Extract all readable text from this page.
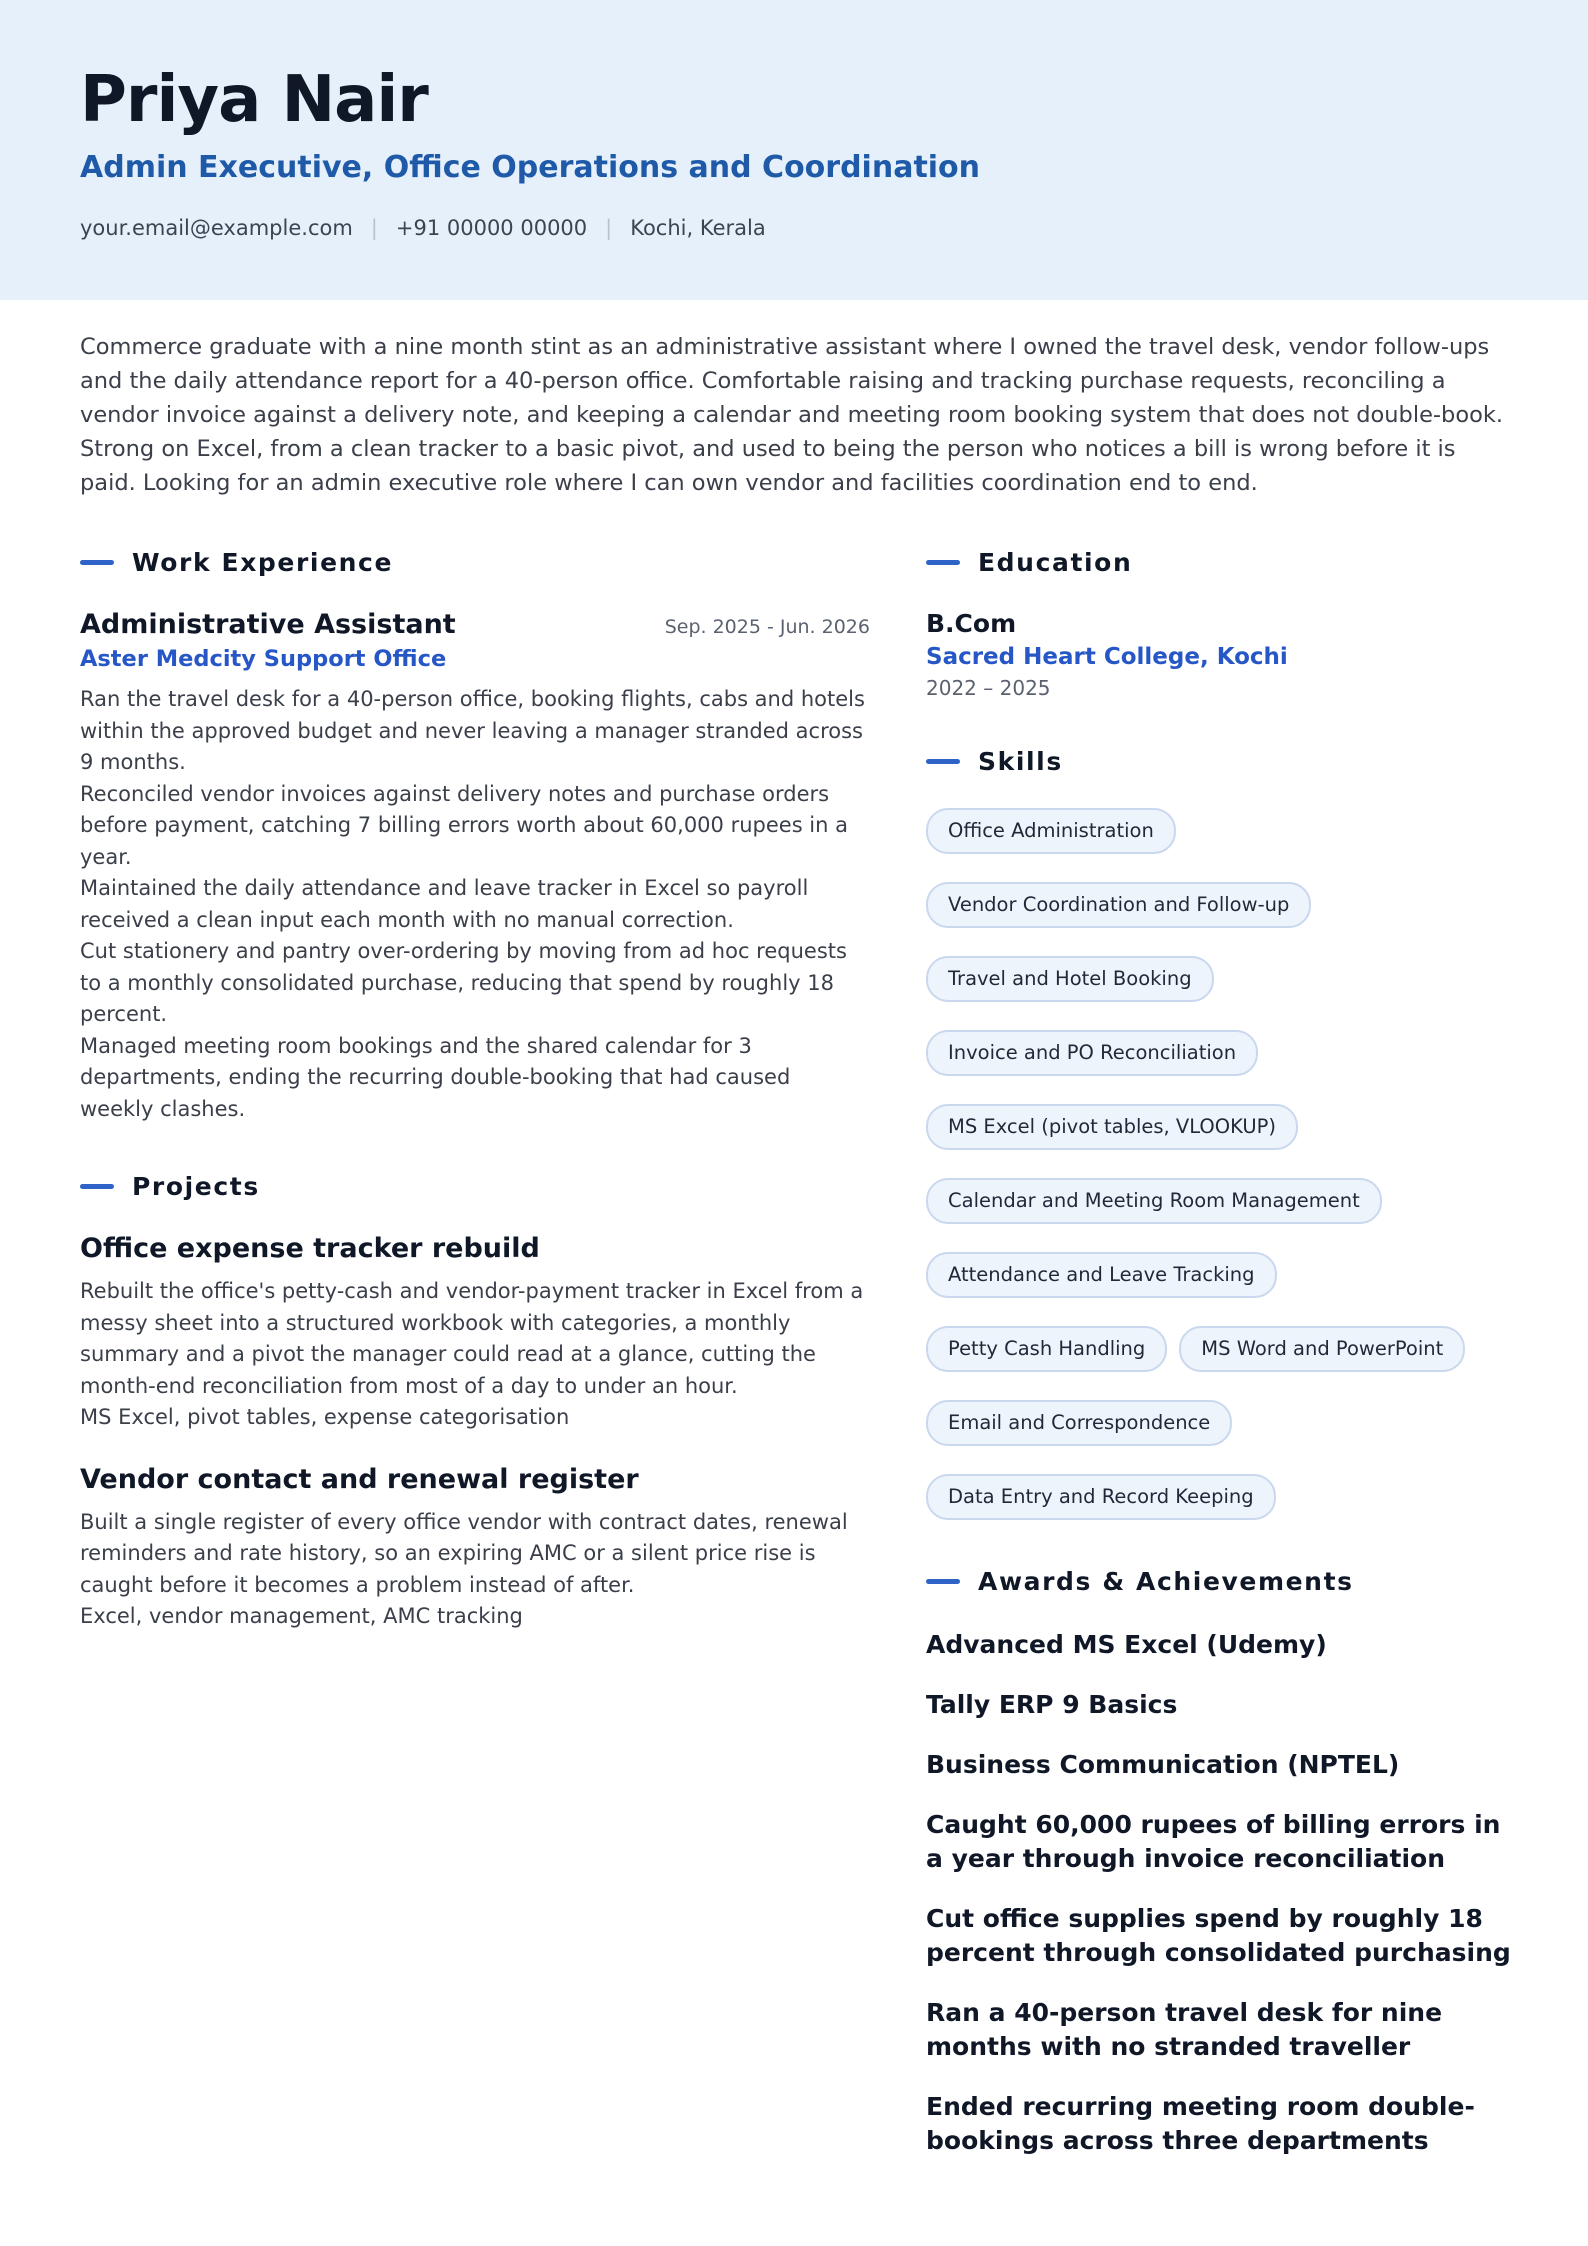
Priya Nair
Admin Executive, Office Operations and Coordination
your.email@example.com | +91 00000 00000 | Kochi, Kerala
Commerce graduate with a nine month stint as an administrative assistant where I owned the travel desk, vendor follow-ups and the daily attendance report for a 40-person office. Comfortable raising and tracking purchase requests, reconciling a vendor invoice against a delivery note, and keeping a calendar and meeting room booking system that does not double-book. Strong on Excel, from a clean tracker to a basic pivot, and used to being the person who notices a bill is wrong before it is paid. Looking for an admin executive role where I can own vendor and facilities coordination end to end.
Work Experience
Administrative Assistant	Sep. 2025 - Jun. 2026
Aster Medcity Support Office
Ran the travel desk for a 40-person office, booking flights, cabs and hotels within the approved budget and never leaving a manager stranded across 9 months.
Reconciled vendor invoices against delivery notes and purchase orders before payment, catching 7 billing errors worth about 60,000 rupees in a year.
Maintained the daily attendance and leave tracker in Excel so payroll received a clean input each month with no manual correction.
Cut stationery and pantry over-ordering by moving from ad hoc requests to a monthly consolidated purchase, reducing that spend by roughly 18 percent.
Managed meeting room bookings and the shared calendar for 3 departments, ending the recurring double-booking that had caused weekly clashes.
Projects
Office expense tracker rebuild
Rebuilt the office's petty-cash and vendor-payment tracker in Excel from a messy sheet into a structured workbook with categories, a monthly summary and a pivot the manager could read at a glance, cutting the month-end reconciliation from most of a day to under an hour.
MS Excel, pivot tables, expense categorisation
Vendor contact and renewal register
Built a single register of every office vendor with contract dates, renewal reminders and rate history, so an expiring AMC or a silent price rise is caught before it becomes a problem instead of after.
Excel, vendor management, AMC tracking
Education
B.Com
Sacred Heart College, Kochi
2022 – 2025
Skills
Office Administration
Vendor Coordination and Follow-up
Travel and Hotel Booking
Invoice and PO Reconciliation
MS Excel (pivot tables, VLOOKUP)
Calendar and Meeting Room Management
Attendance and Leave Tracking
Petty Cash Handling	MS Word and PowerPoint
Email and Correspondence
Data Entry and Record Keeping
Awards & Achievements
Advanced MS Excel (Udemy)
Tally ERP 9 Basics
Business Communication (NPTEL)
Caught 60,000 rupees of billing errors in a year through invoice reconciliation
Cut office supplies spend by roughly 18 percent through consolidated purchasing
Ran a 40-person travel desk for nine months with no stranded traveller
Ended recurring meeting room double-bookings across three departments
